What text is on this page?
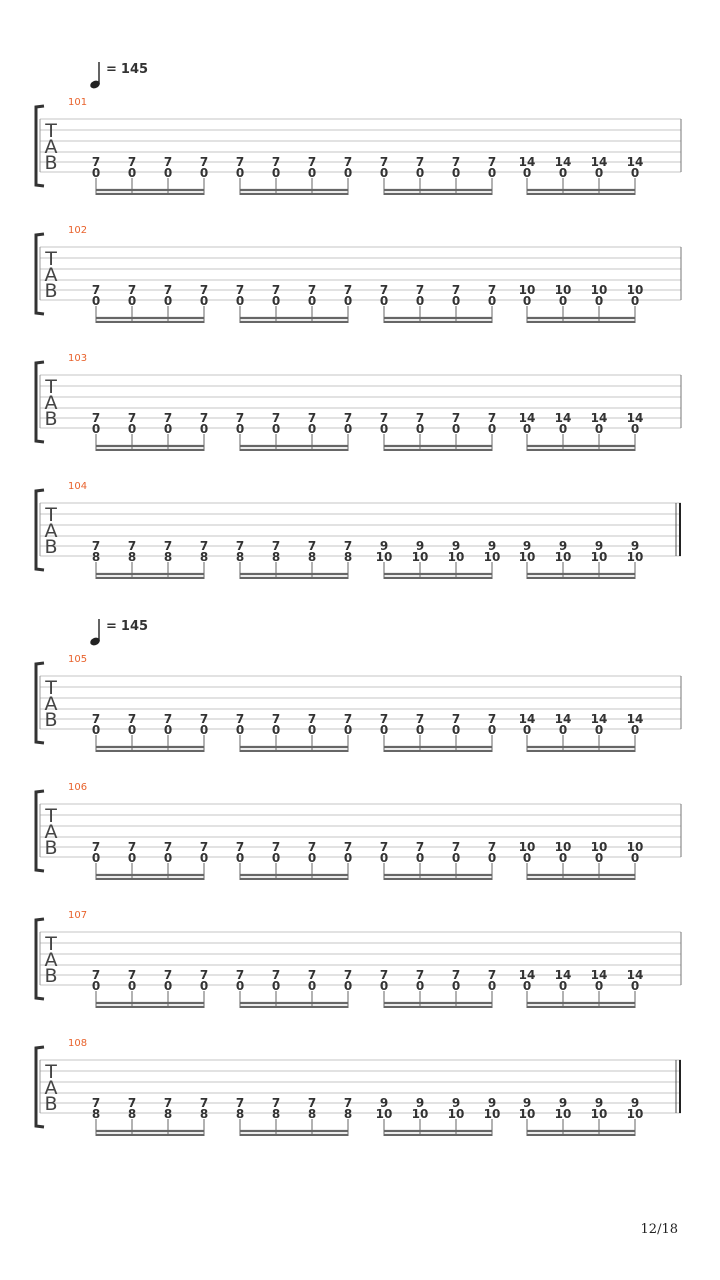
= 145
= 145
101
T
A
B	7
0
7
0
7
0
7
0
7
0
7
0
7
0
7
0
7
0
7
0
7
0
7
0
14
0
14
0
14
0
14
0
102
T
A
B	7
0
7
0
7
0
7
0
7
0
7
0
7
0
7
0
7
0
7
0
7
0
7
0
10
0
10
0
10
0
10
0
103
T
A
B	7
0
7
0
7
0
7
0
7
0
7
0
7
0
7
0
7
0
7
0
7
0
7
0
14
0
14
0
14
0
14
0
104
T
A
B	7
8
7
8
7
8
7
8
7
8
7
8
7
8
7
8
9
10
9
10
9
10
9
10
9
10
9
10
9
10
9
10
105
T
A
B	7
0
7
0
7
0
7
0
7
0
7
0
7
0
7
0
7
0
7
0
7
0
7
0
14
0
14
0
14
0
14
0
106
T
A
B	7
0
7
0
7
0
7
0
7
0
7
0
7
0
7
0
7
0
7
0
7
0
7
0
10
0
10
0
10
0
10
0
107
T
A
B	7
0
7
0
7
0
7
0
7
0
7
0
7
0
7
0
7
0
7
0
7
0
7
0
14
0
14
0
14
0
14
0
108
T
A
B	7
8
7
8
7
8
7
8
7
8
7
8
7
8
7
8
9
10
9
10
9
10
9
10
9
10
9
10
9
10
9
10
12/18
